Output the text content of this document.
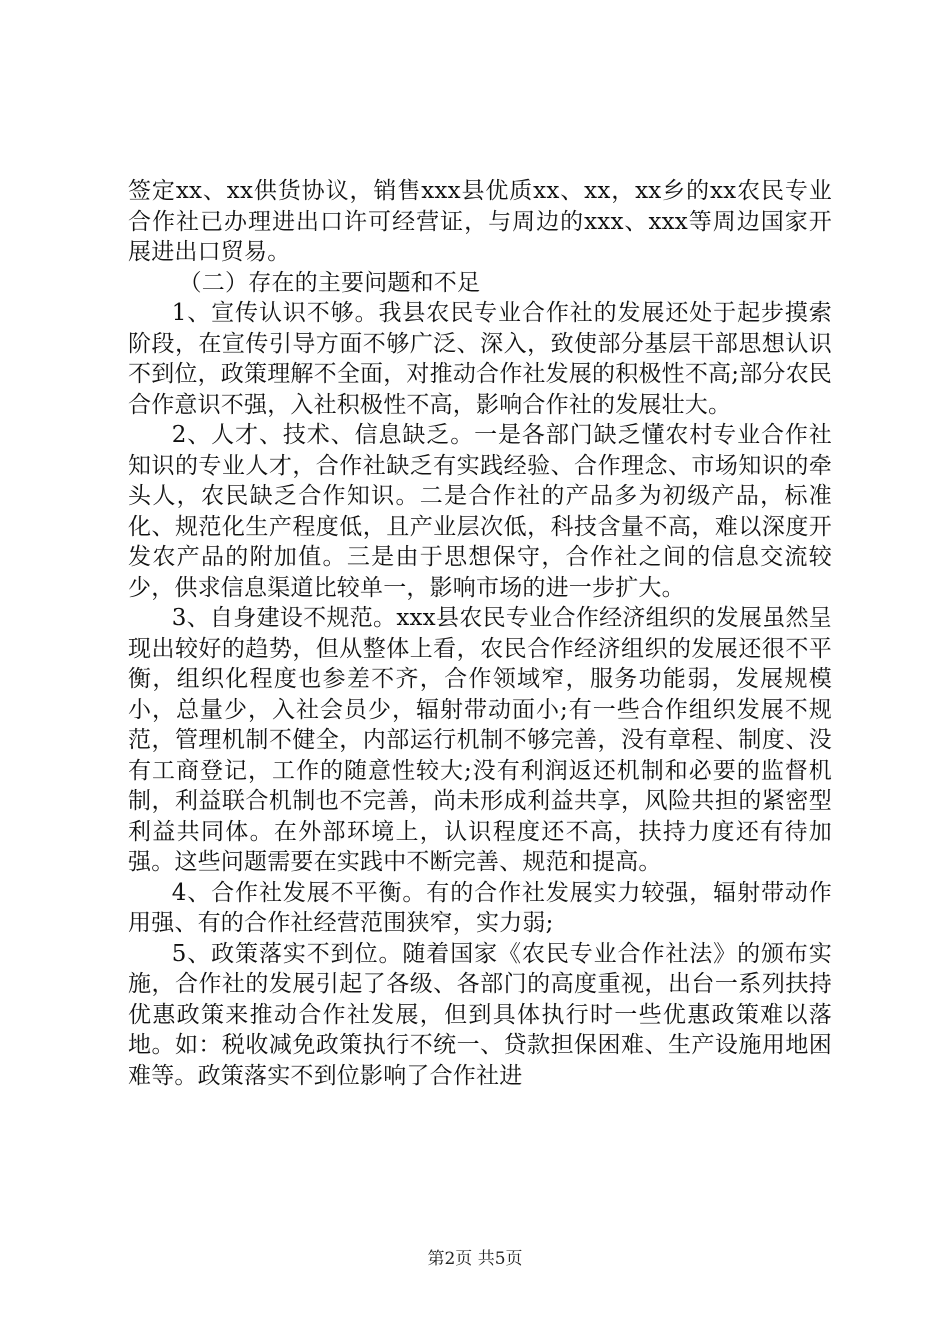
签定xx、xx供货协议，销售xxx县优质xx、xx，xx乡的xx农民专业合作社已办理进出口许可经营证，与周边的xxx、xxx等周边国家开展进出口贸易。

（二）存在的主要问题和不足

1、宣传认识不够。我县农民专业合作社的发展还处于起步摸索阶段，在宣传引导方面不够广泛、深入，致使部分基层干部思想认识不到位，政策理解不全面，对推动合作社发展的积极性不高;部分农民合作意识不强，入社积极性不高，影响合作社的发展壮大。

2、人才、技术、信息缺乏。一是各部门缺乏懂农村专业合作社知识的专业人才，合作社缺乏有实践经验、合作理念、市场知识的牵头人，农民缺乏合作知识。二是合作社的产品多为初级产品，标准化、规范化生产程度低，且产业层次低，科技含量不高，难以深度开发农产品的附加值。三是由于思想保守，合作社之间的信息交流较少，供求信息渠道比较单一，影响市场的进一步扩大。

3、自身建设不规范。xxx县农民专业合作经济组织的发展虽然呈现出较好的趋势，但从整体上看，农民合作经济组织的发展还很不平衡，组织化程度也参差不齐，合作领域窄，服务功能弱，发展规模小，总量少，入社会员少，辐射带动面小;有一些合作组织发展不规范，管理机制不健全，内部运行机制不够完善，没有章程、制度、没有工商登记，工作的随意性较大;没有利润返还机制和必要的监督机制，利益联合机制也不完善，尚未形成利益共享，风险共担的紧密型利益共同体。在外部环境上，认识程度还不高，扶持力度还有待加强。这些问题需要在实践中不断完善、规范和提高。

4、合作社发展不平衡。有的合作社发展实力较强，辐射带动作用强、有的合作社经营范围狭窄，实力弱;

5、政策落实不到位。随着国家《农民专业合作社法》的颁布实施，合作社的发展引起了各级、各部门的高度重视，出台一系列扶持优惠政策来推动合作社发展，但到具体执行时一些优惠政策难以落地。如：税收减免政策执行不统一、贷款担保困难、生产设施用地困难等。政策落实不到位影响了合作社进

第2页 共5页
